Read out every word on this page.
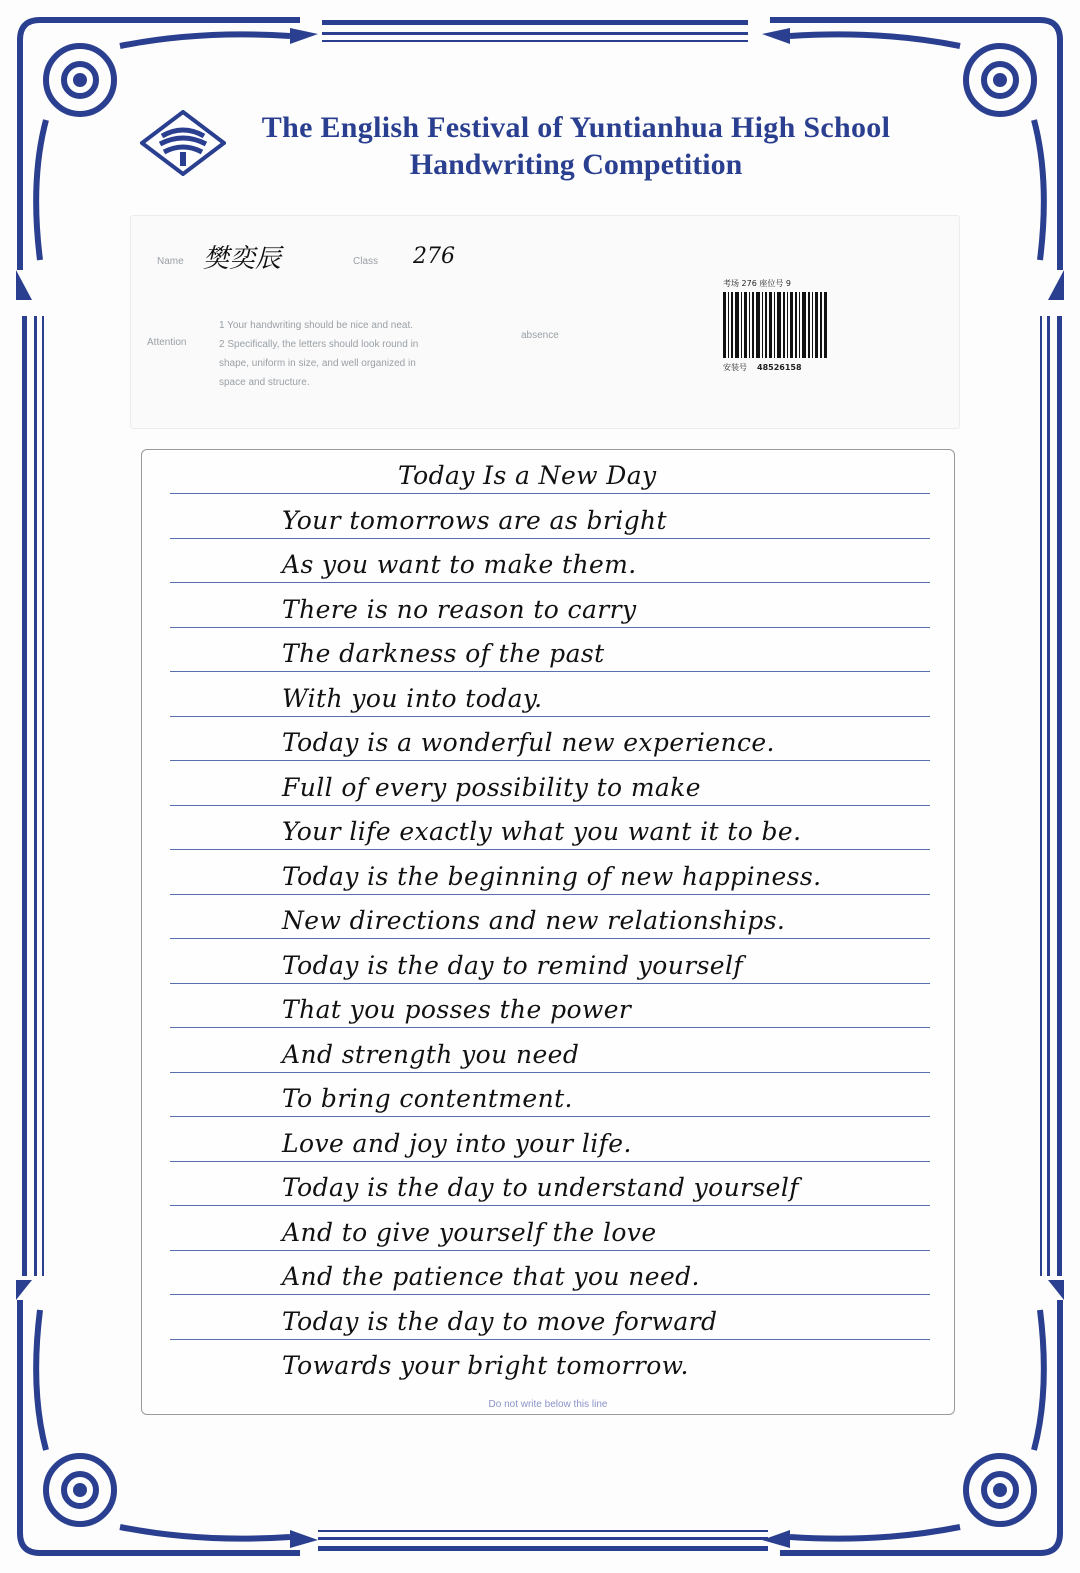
The English Festival of Yuntianhua High School
Handwriting Competition
Name 樊奕辰	Class 276
Attention
1 Your handwriting should be nice and neat.
2 Specifically, the letters should look round in
shape, uniform in size, and well organized in
space and structure.
absence
考场 276 座位号 9
安装号 48526158
Do not write below this line
Today Is a New Day
Your tomorrows are as bright
As you want to make them.
There is no reason to carry
The darkness of the past
With you into today.
Today is a wonderful new experience.
Full of every possibility to make
Your life exactly what you want it to be.
Today is the beginning of new happiness.
New directions and new relationships.
Today is the day to remind yourself
That you posses the power
And strength you need
To bring contentment.
Love and joy into your life.
Today is the day to understand yourself
And to give yourself the love
And the patience that you need.
Today is the day to move forward
Towards your bright tomorrow.
